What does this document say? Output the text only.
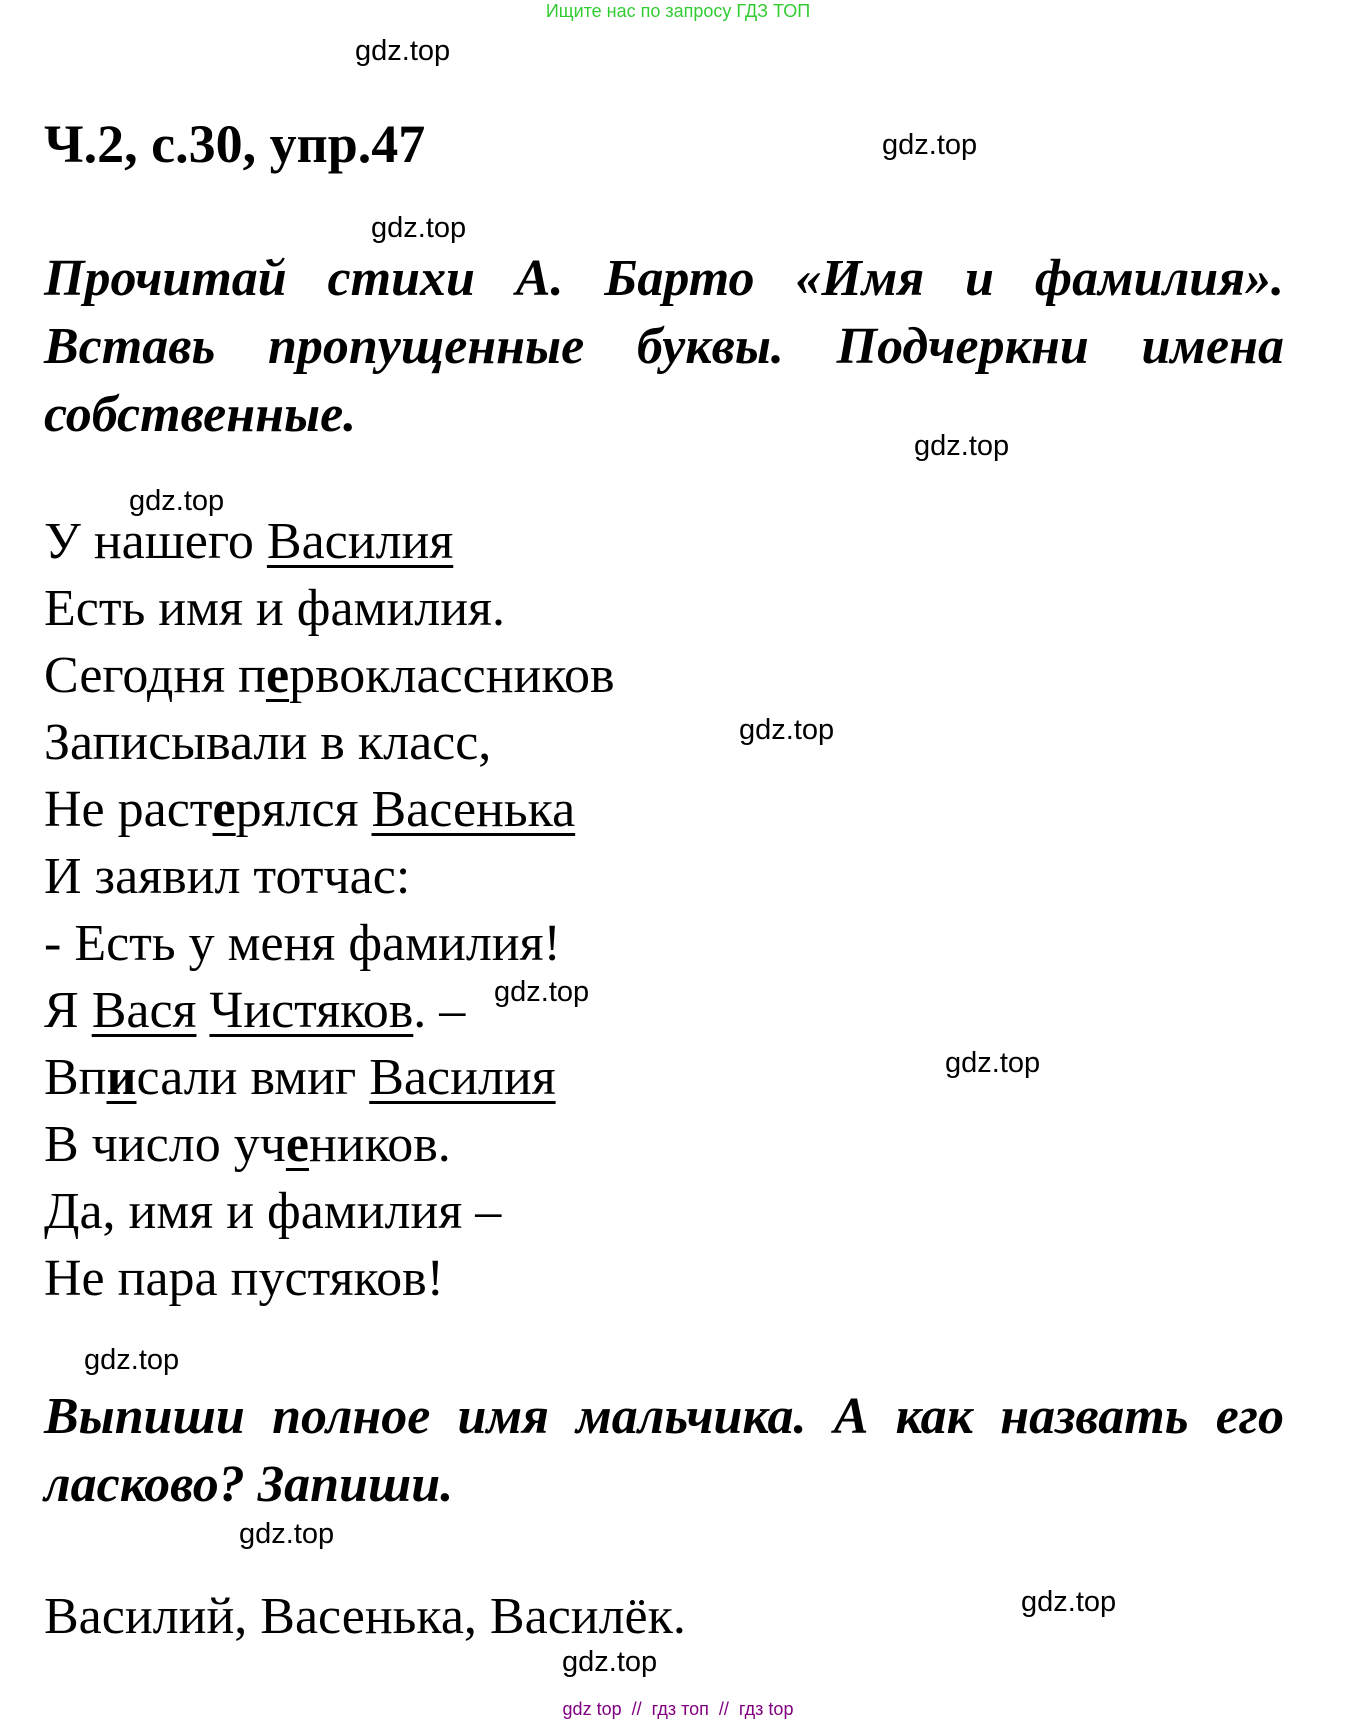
Ищите нас по запросу ГДЗ ТОП
gdz.top
gdz.top
gdz.top
gdz.top
gdz.top
gdz.top
gdz.top
gdz.top
gdz.top
gdz.top
gdz.top
gdz.top
Ч.2, с.30, упр.47
Прочитай стихи А. Барто «Имя и фамилия». Вставь пропущенные буквы. Подчеркни имена собственные.
У нашего Василия
Есть имя и фамилия.
Сегодня первоклассников
Записывали в класс,
Не растерялся Васенька
И заявил тотчас:
- Есть у меня фамилия!
Я Вася Чистяков. –
Вписали вмиг Василия
В число учеников.
Да, имя и фамилия –
Не пара пустяков!
Выпиши полное имя мальчика. А как назвать его ласково? Запиши.
Василий, Васенька, Василёк.
gdz top  //  гдз топ  //  гдз top
